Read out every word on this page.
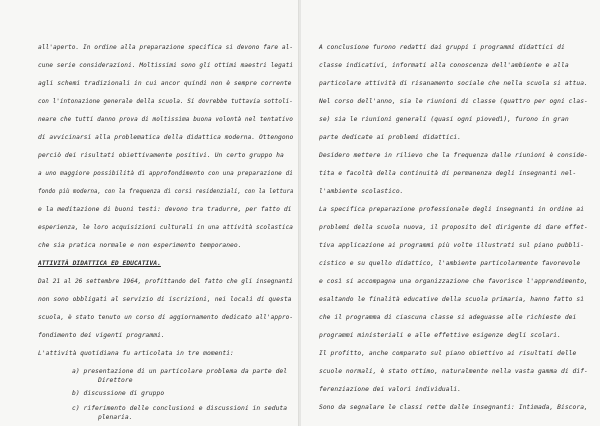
all'aperto. In ordine alla preparazione specifica si devono fare al-
cune serie considerazioni. Moltissimi sono gli ottimi maestri legati
agli schemi tradizionali in cui ancor quindi non è sempre corrente
con l'intonazione generale della scuola. Si dovrebbe tuttavia sottoli-
neare che tutti danno prova di moltissima buona volontà nel tentativo
di avvicinarsi alla problematica della didattica moderna. Ottengono
perciò dei risultati obiettivamente positivi. Un certo gruppo ha
a uno maggiore possibilità di approfondimento con una preparazione di
fondo più moderna, con la frequenza di corsi residenziali, con la lettura
e la meditazione di buoni testi: devono tra tradurre, per fatto di
esperienza, le loro acquisizioni culturali in una attività scolastica
che sia pratica normale e non esperimento temporaneo.
ATTIVITÀ DIDATTICA ED EDUCATIVA.
Dal 21 al 26 settembre 1964, profittando del fatto che gli insegnanti
non sono obbligati al servizio di iscrizioni, nei locali di questa
scuola, è stato tenuto un corso di aggiornamento dedicato all'appro-
fondimento dei vigenti programmi.
L'attività quotidiana fu articolata in tre momenti:
a) presentazione di un particolare problema da parte del
Direttore
b) discussione di gruppo
c) riferimento delle conclusioni e discussioni in seduta
plenaria.
A conclusione furono redatti dai gruppi i programmi didattici di
classe indicativi, informati alla conoscenza dell'ambiente e alla
particolare attività di risanamento sociale che nella scuola si attua.
Nel corso dell'anno, sia le riunioni di classe (quattro per ogni clas-
se) sia le riunioni generali (quasi ogni piovedì), furono in gran
parte dedicate ai problemi didattici.
Desidero mettere in rilievo che la frequenza dalle riunioni è conside-
tita e facoltà della continuità di permanenza degli insegnanti nel-
l'ambiente scolastico.
La specifica preparazione professionale degli insegnanti in ordine ai
problemi della scuola nuova, il proposito del dirigente di dare effet-
tiva applicazione ai programmi più volte illustrati sul piano pubbli-
cistico e su quello didattico, l'ambiente particolarmente favorevole
e così si accompagna una organizzazione che favorisce l'apprendimento,
esaltando le finalità educative della scuola primaria, hanno fatto sì
che il programma di ciascuna classe si adeguasse alle richieste dei
programmi ministeriali e alle effettive esigenze degli scolari.
Il profitto, anche comparato sul piano obiettivo ai risultati delle
scuole normali, è stato ottimo, naturalmente nella vasta gamma di dif-
ferenziazione dei valori individuali.
Sono da segnalare le classi rette dalle insegnanti: Intimada, Biscora,
